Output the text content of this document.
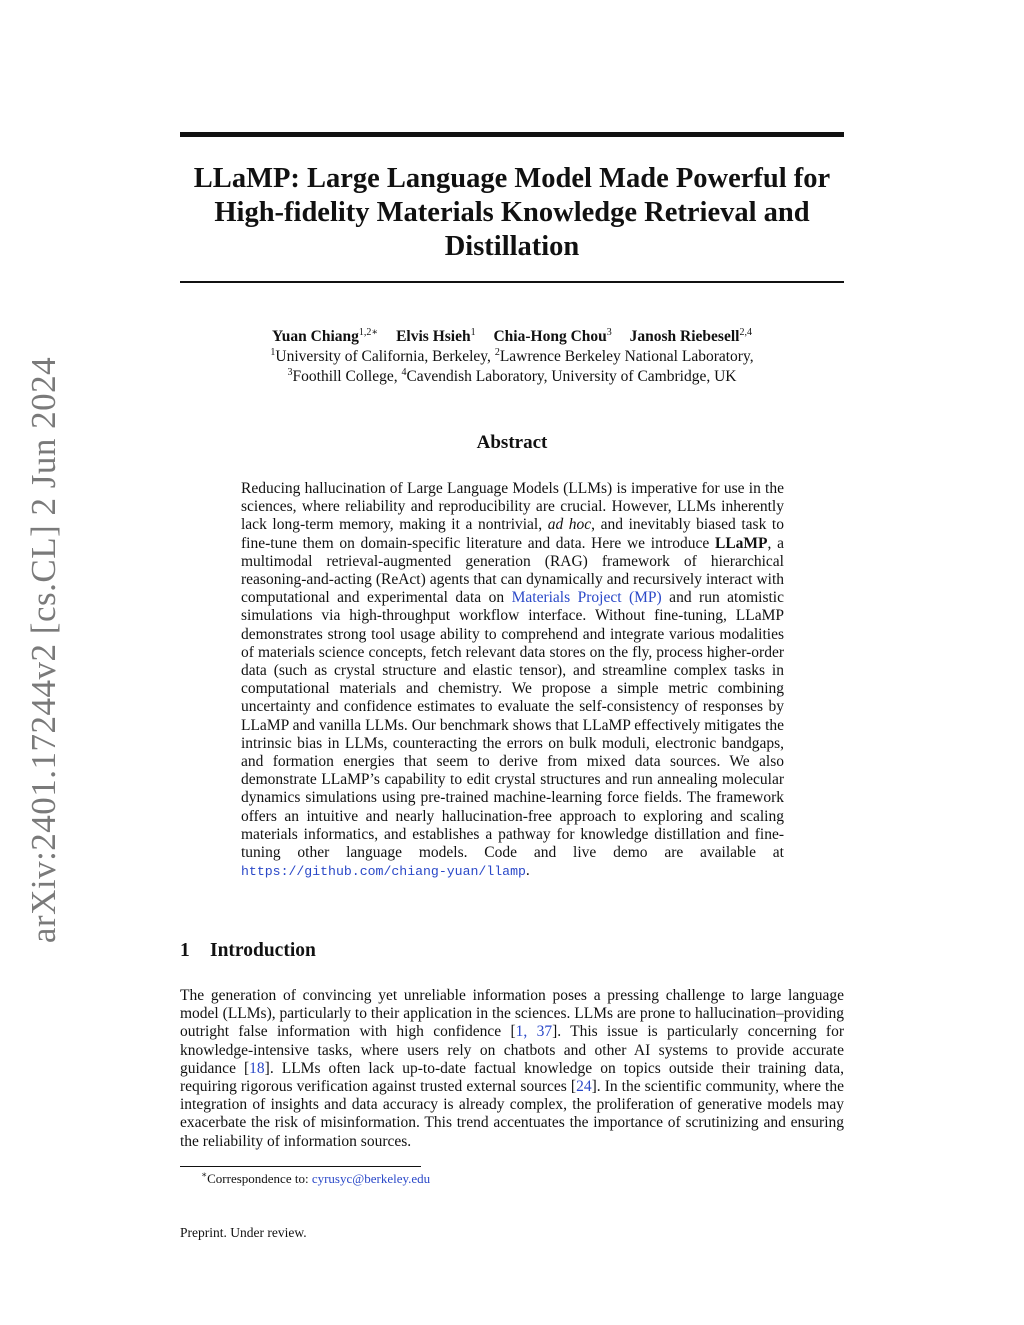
arXiv:2401.17244v2 [cs.CL] 2 Jun 2024
LLaMP: Large Language Model Made Powerful for High-fidelity Materials Knowledge Retrieval and Distillation
Yuan Chiang$^{1,2∗}$ Elvis Hsieh$^1$ Chia-Hong Chou$^3$ Janosh Riebesell$^{2,4}$
$^1$University of California, Berkeley, $^2$Lawrence Berkeley National Laboratory,
$^3$Foothill College, $^4$Cavendish Laboratory, University of Cambridge, UK
Abstract

Reducing hallucination of Large Language Models (LLMs) is imperative for use in the sciences, where reliability and reproducibility are crucial. However, LLMs inherently lack long-term memory, making it a nontrivial, ad hoc, and inevitably biased task to fine-tune them on domain-specific literature and data. Here we introduce LLaMP, a multimodal retrieval-augmented generation (RAG) framework of hierarchical reasoning-and-acting (ReAct) agents that can dynamically and recursively interact with computational and experimental data on Materials Project (MP) and run atomistic simulations via high-throughput workflow interface. Without fine-tuning, LLaMP demonstrates strong tool usage ability to comprehend and integrate various modalities of materials science concepts, fetch relevant data stores on the fly, process higher-order data (such as crystal structure and elastic tensor), and streamline complex tasks in computational materials and chemistry. We propose a simple metric combining uncertainty and confidence estimates to evaluate the self-consistency of responses by LLaMP and vanilla LLMs. Our benchmark shows that LLaMP effectively mitigates the intrinsic bias in LLMs, counteracting the errors on bulk moduli, electronic bandgaps, and formation energies that seem to derive from mixed data sources. We also demonstrate LLaMP’s capability to edit crystal structures and run annealing molecular dynamics simulations using pre-trained machine-learning force fields. The framework offers an intuitive and nearly hallucination-free approach to exploring and scaling materials informatics, and establishes a pathway for knowledge distillation and fine-tuning other language models. Code and live demo are available at https://github.com/chiang-yuan/llamp.

1 Introduction

The generation of convincing yet unreliable information poses a pressing challenge to large language model (LLMs), particularly to their application in the sciences. LLMs are prone to hallucination–providing outright false information with high confidence [1, 37]. This issue is particularly concerning for knowledge-intensive tasks, where users rely on chatbots and other AI systems to provide accurate guidance [18]. LLMs often lack up-to-date factual knowledge on topics outside their training data, requiring rigorous verification against trusted external sources [24]. In the scientific community, where the integration of insights and data accuracy is already complex, the proliferation of generative models may exacerbate the risk of misinformation. This trend accentuates the importance of scrutinizing and ensuring the reliability of information sources.

∗Correspondence to: cyrusyc@berkeley.edu
Preprint. Under review.
